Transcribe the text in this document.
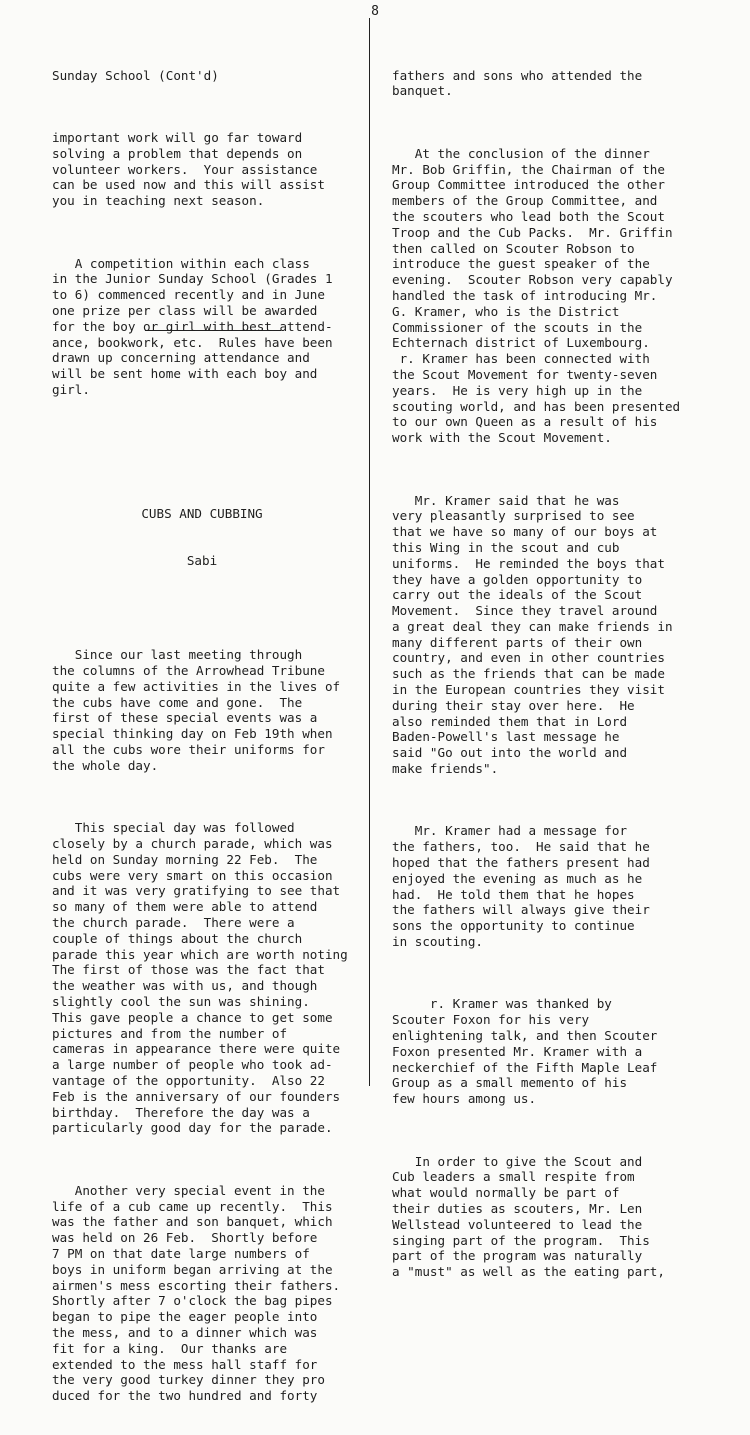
8

Sunday School (Cont'd)

important work will go far toward

solving a problem that depends on

volunteer workers.  Your assistance

can be used now and this will assist

you in teaching next season.

A competition within each class

in the Junior Sunday School (Grades 1

to 6) commenced recently and in June

one prize per class will be awarded

for the boy or girl with best attend-

ance, bookwork, etc.  Rules have been

drawn up concerning attendance and

will be sent home with each boy and

girl.

CUBS AND CUBBING

Sabi

Since our last meeting through

the columns of the Arrowhead Tribune

quite a few activities in the lives of

the cubs have come and gone.  The

first of these special events was a

special thinking day on Feb 19th when

all the cubs wore their uniforms for

the whole day.

This special day was followed

closely by a church parade, which was

held on Sunday morning 22 Feb.  The

cubs were very smart on this occasion

and it was very gratifying to see that

so many of them were able to attend

the church parade.  There were a

couple of things about the church

parade this year which are worth noting

The first of those was the fact that

the weather was with us, and though

slightly cool the sun was shining.

This gave people a chance to get some

pictures and from the number of

cameras in appearance there were quite

a large number of people who took ad-

vantage of the opportunity.  Also 22

Feb is the anniversary of our founders

birthday.  Therefore the day was a

particularly good day for the parade.

Another very special event in the

life of a cub came up recently.  This

was the father and son banquet, which

was held on 26 Feb.  Shortly before

7 PM on that date large numbers of

boys in uniform began arriving at the

airmen's mess escorting their fathers.

Shortly after 7 o'clock the bag pipes

began to pipe the eager people into

the mess, and to a dinner which was

fit for a king.  Our thanks are

extended to the mess hall staff for

the very good turkey dinner they pro

duced for the two hundred and forty

fathers and sons who attended the

banquet.

At the conclusion of the dinner

Mr. Bob Griffin, the Chairman of the

Group Committee introduced the other

members of the Group Committee, and

the scouters who lead both the Scout

Troop and the Cub Packs.  Mr. Griffin

then called on Scouter Robson to

introduce the guest speaker of the

evening.  Scouter Robson very capably

handled the task of introducing Mr.

G. Kramer, who is the District

Commissioner of the scouts in the

Echternach district of Luxembourg.

r. Kramer has been connected with

the Scout Movement for twenty-seven

years.  He is very high up in the

scouting world, and has been presented

to our own Queen as a result of his

work with the Scout Movement.

Mr. Kramer said that he was

very pleasantly surprised to see

that we have so many of our boys at

this Wing in the scout and cub

uniforms.  He reminded the boys that

they have a golden opportunity to

carry out the ideals of the Scout

Movement.  Since they travel around

a great deal they can make friends in

many different parts of their own

country, and even in other countries

such as the friends that can be made

in the European countries they visit

during their stay over here.  He

also reminded them that in Lord

Baden-Powell's last message he

said "Go out into the world and

make friends".

Mr. Kramer had a message for

the fathers, too.  He said that he

hoped that the fathers present had

enjoyed the evening as much as he

had.  He told them that he hopes

the fathers will always give their

sons the opportunity to continue

in scouting.

r. Kramer was thanked by

Scouter Foxon for his very

enlightening talk, and then Scouter

Foxon presented Mr. Kramer with a

neckerchief of the Fifth Maple Leaf

Group as a small memento of his

few hours among us.

In order to give the Scout and

Cub leaders a small respite from

what would normally be part of

their duties as scouters, Mr. Len

Wellstead volunteered to lead the

singing part of the program.  This

part of the program was naturally

a "must" as well as the eating part,
